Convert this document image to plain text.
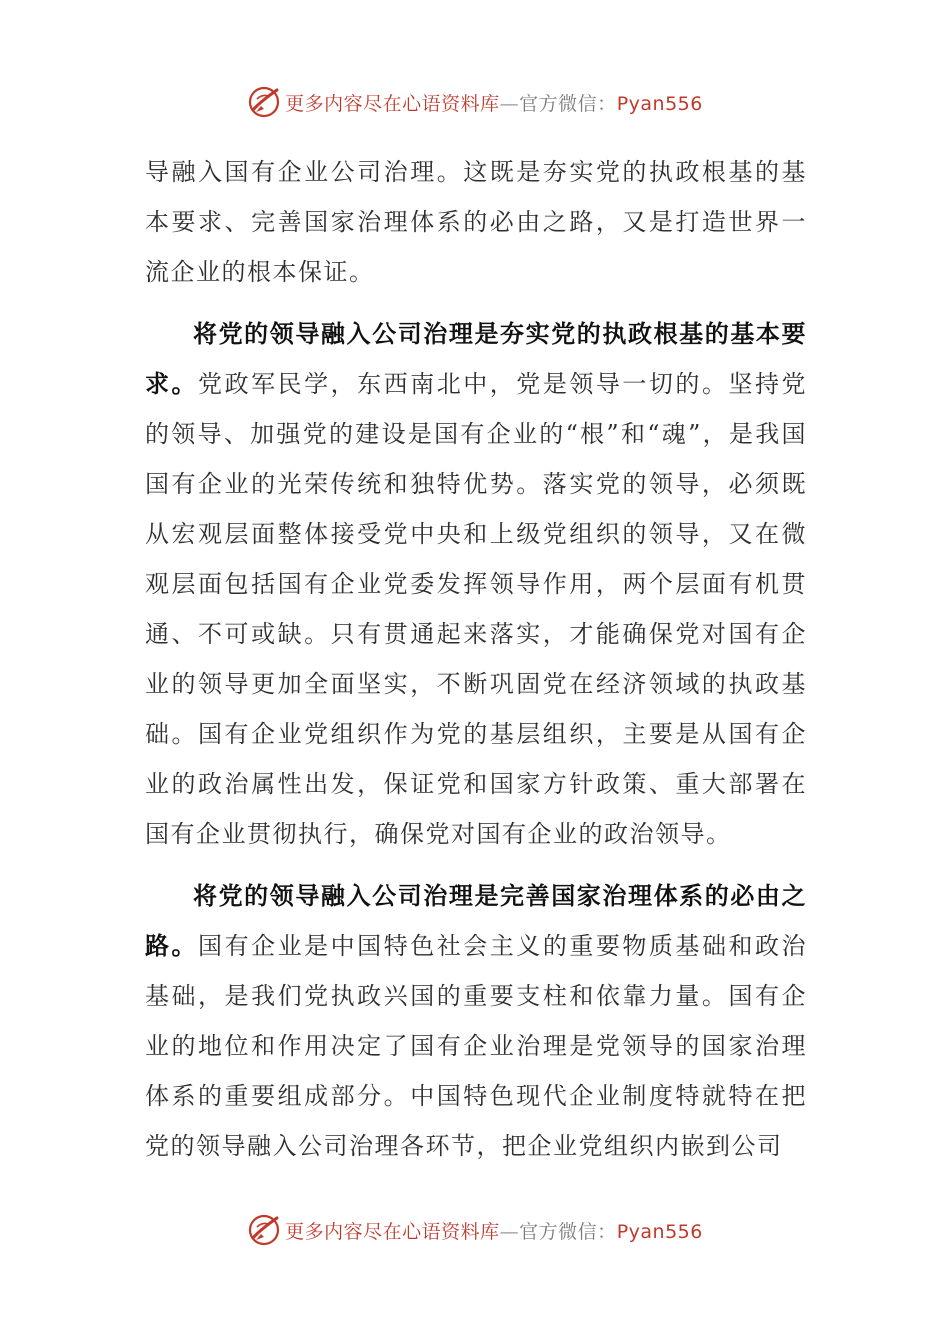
更多内容尽在心语资料库—官方微信：Pyan556

导融入国有企业公司治理。这既是夯实党的执政根基的基本要求、完善国家治理体系的必由之路，又是打造世界一流企业的根本保证。

将党的领导融入公司治理是夯实党的执政根基的基本要求。党政军民学，东西南北中，党是领导一切的。坚持党的领导、加强党的建设是国有企业的“根”和“魂”，是我国国有企业的光荣传统和独特优势。落实党的领导，必须既从宏观层面整体接受党中央和上级党组织的领导，又在微观层面包括国有企业党委发挥领导作用，两个层面有机贯通、不可或缺。只有贯通起来落实，才能确保党对国有企业的领导更加全面坚实，不断巩固党在经济领域的执政基础。国有企业党组织作为党的基层组织，主要是从国有企业的政治属性出发，保证党和国家方针政策、重大部署在国有企业贯彻执行，确保党对国有企业的政治领导。

将党的领导融入公司治理是完善国家治理体系的必由之路。国有企业是中国特色社会主义的重要物质基础和政治基础，是我们党执政兴国的重要支柱和依靠力量。国有企业的地位和作用决定了国有企业治理是党领导的国家治理体系的重要组成部分。中国特色现代企业制度特就特在把党的领导融入公司治理各环节，把企业党组织内嵌到公司

更多内容尽在心语资料库—官方微信：Pyan556
